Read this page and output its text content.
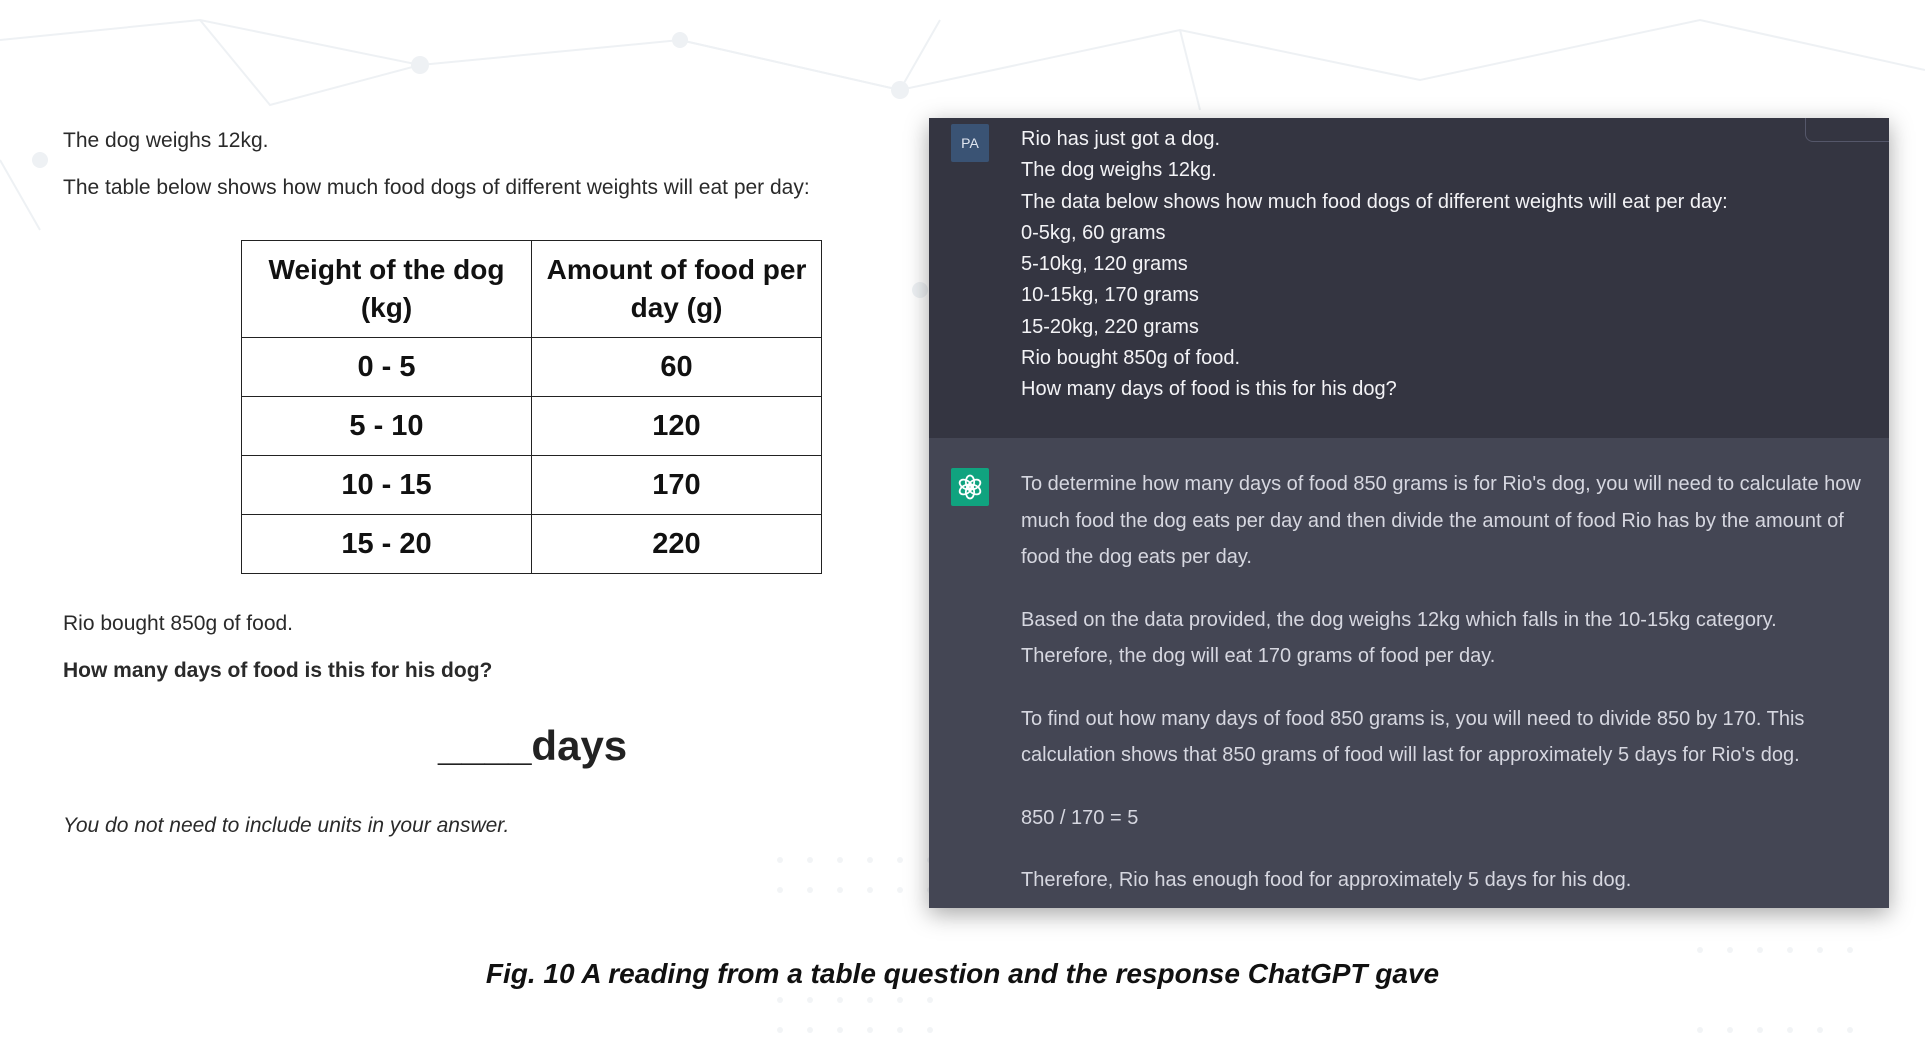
The dog weighs 12kg.
The table below shows how much food dogs of different weights will eat per day:
Weight of the dog (kg)	Amount of food per day (g)
0 - 5	60
5 - 10	120
10 - 15	170
15 - 20	220
Rio bought 850g of food.
How many days of food is this for his dog?
____days
You do not need to include units in your answer.
PA	Rio has just got a dog.
The dog weighs 12kg.
The data below shows how much food dogs of different weights will eat per day:
0-5kg, 60 grams
5-10kg, 120 grams
10-15kg, 170 grams
15-20kg, 220 grams
Rio bought 850g of food.
How many days of food is this for his dog?

To determine how many days of food 850 grams is for Rio's dog, you will need to calculate how much food the dog eats per day and then divide the amount of food Rio has by the amount of food the dog eats per day.

Based on the data provided, the dog weighs 12kg which falls in the 10-15kg category. Therefore, the dog will eat 170 grams of food per day.

To find out how many days of food 850 grams is, you will need to divide 850 by 170. This calculation shows that 850 grams of food will last for approximately 5 days for Rio's dog.

850 / 170 = 5

Therefore, Rio has enough food for approximately 5 days for his dog.

Fig. 10 A reading from a table question and the response ChatGPT gave
